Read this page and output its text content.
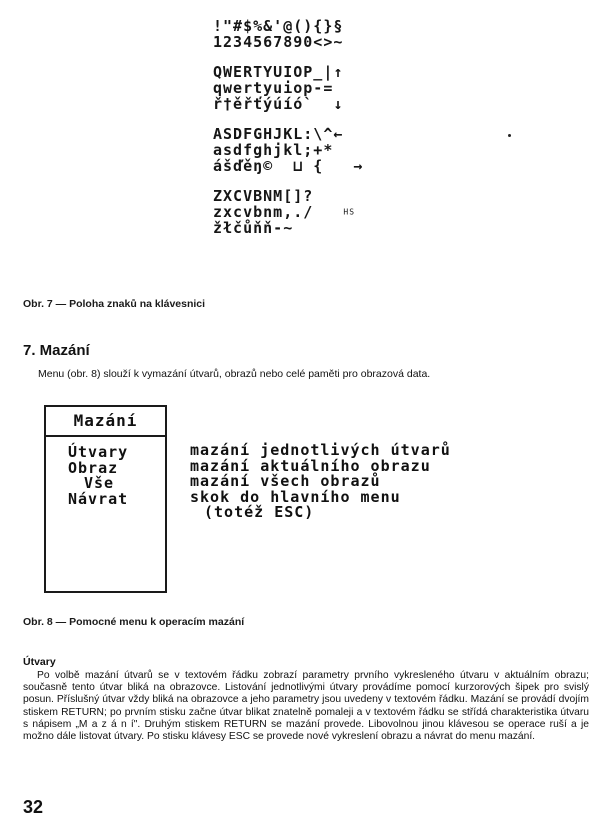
!"#$%&'@(){}§
1234567890<>~
QWERTYUIOP_|↑
qwertyuiop-=
ř†ěřťýúíó`  ↓
ASDFGHJKL:\^←
asdfghjkl;+*
ášďěŋ©  ⊔ {   →
ZXCVBNM[]?
zxcvbnm,./	HS
žłčůňň-~
Obr. 7 — Poloha znaků na klávesnici
7. Mazání
Menu (obr. 8) slouží k vymazání útvarů, obrazů nebo celé paměti pro obrazová data.
Mazání
Útvary
Obraz
Vše
Návrat
mazání jednotlivých útvarů
mazání aktuálního obrazu
mazání všech obrazů
skok do hlavního menu
(totéž ESC)
Obr. 8 — Pomocné menu k operacím mazání
Útvary

Po volbě mazání útvarů se v textovém řádku zobrazí parametry prvního vykresleného útvaru v aktuálním obrazu; současně tento útvar bliká na obrazovce. Listování jednotlivými útvary provádíme pomocí kurzorových šipek pro svislý posun. Příslušný útvar vždy bliká na obrazovce a jeho parametry jsou uvedeny v textovém řádku. Mazání se provádí dvojím stiskem RETURN; po prvním stisku začne útvar blikat znatelně pomaleji a v textovém řádku se střídá charakteristika útvaru s nápisem „M a z á n í". Druhým stiskem RETURN se mazání provede. Libovolnou jinou klávesou se operace ruší a je možno dále listovat útvary. Po stisku klávesy ESC se provede nové vykreslení obrazu a návrat do menu mazání.

32
